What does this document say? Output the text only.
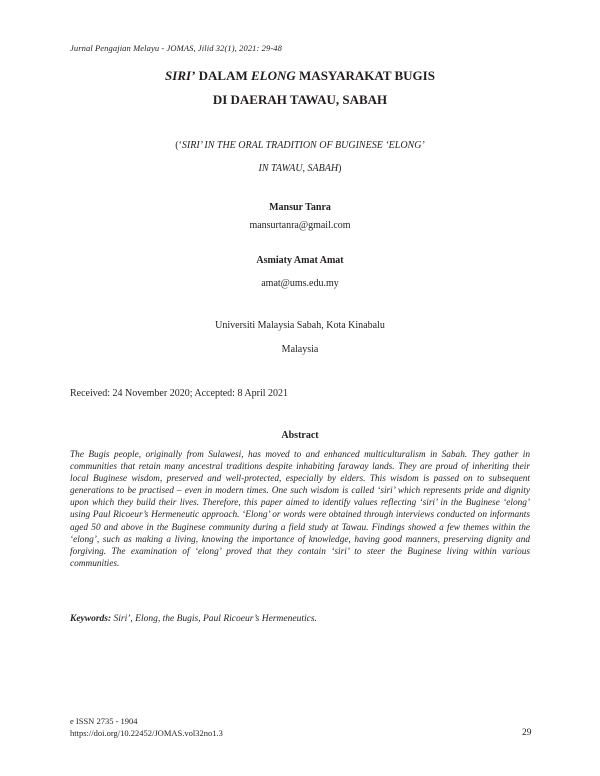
Jurnal Pengajian Melayu - JOMAS, Jilid 32(1), 2021: 29-48
SIRI’ DALAM ELONG MASYARAKAT BUGIS
DI DAERAH TAWAU, SABAH
(‘SIRI’ IN THE ORAL TRADITION OF BUGINESE ‘ELONG’
IN TAWAU, SABAH)
Mansur Tanra
mansurtanra@gmail.com
Asmiaty Amat Amat
amat@ums.edu.my
Universiti Malaysia Sabah, Kota Kinabalu
Malaysia
Received: 24 November 2020; Accepted: 8 April 2021
Abstract
The Bugis people, originally from Sulawesi, has moved to and enhanced multiculturalism in Sabah. They gather in communities that retain many ancestral traditions despite inhabiting faraway lands. They are proud of inheriting their local Buginese wisdom, preserved and well-protected, especially by elders. This wisdom is passed on to subsequent generations to be practised – even in modern times. One such wisdom is called ‘siri’ which represents pride and dignity upon which they build their lives. Therefore, this paper aimed to identify values reflecting ‘siri’ in the Buginese ‘elong’ using Paul Ricoeur’s Hermeneutic approach. ‘Elong’ or words were obtained through interviews conducted on informants aged 50 and above in the Buginese community during a field study at Tawau. Findings showed a few themes within the ‘elong’, such as making a living, knowing the importance of knowledge, having good manners, preserving dignity and forgiving. The examination of ‘elong’ proved that they contain ‘siri’ to steer the Buginese living within various communities.
Keywords: Siri’, Elong, the Bugis, Paul Ricoeur’s Hermeneutics.
e ISSN 2735 - 1904
https://doi.org/10.22452/JOMAS.vol32no1.3	29
